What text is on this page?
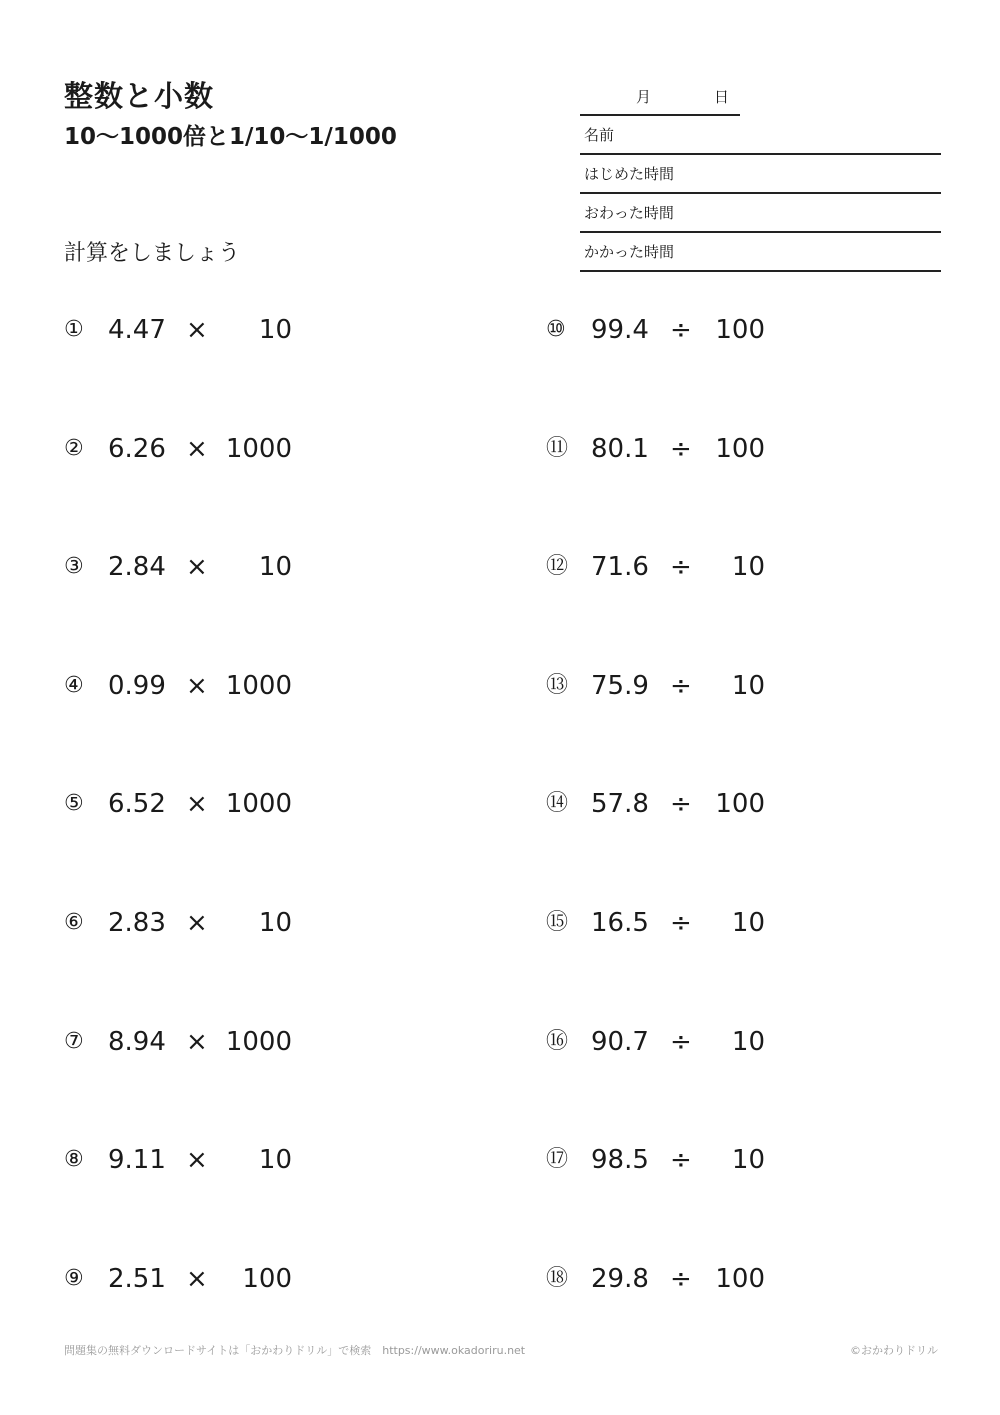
整数と小数
10〜1000倍と1/10〜1/1000
計算をしましょう
月	日
名前
はじめた時間
おわった時間
かかった時間
① 4.47 × 10
② 6.26 × 1000
③ 2.84 × 10
④ 0.99 × 1000
⑤ 6.52 × 1000
⑥ 2.83 × 10
⑦ 8.94 × 1000
⑧ 9.11 × 10
⑨ 2.51 × 100
⑩ 99.4 ÷ 100
⑪ 80.1 ÷ 100
⑫ 71.6 ÷ 10
⑬ 75.9 ÷ 10
⑭ 57.8 ÷ 100
⑮ 16.5 ÷ 10
⑯ 90.7 ÷ 10
⑰ 98.5 ÷ 10
⑱ 29.8 ÷ 100
問題集の無料ダウンロードサイトは「おかわりドリル」で検索　https://www.okadoriru.net	©おかわりドリル
